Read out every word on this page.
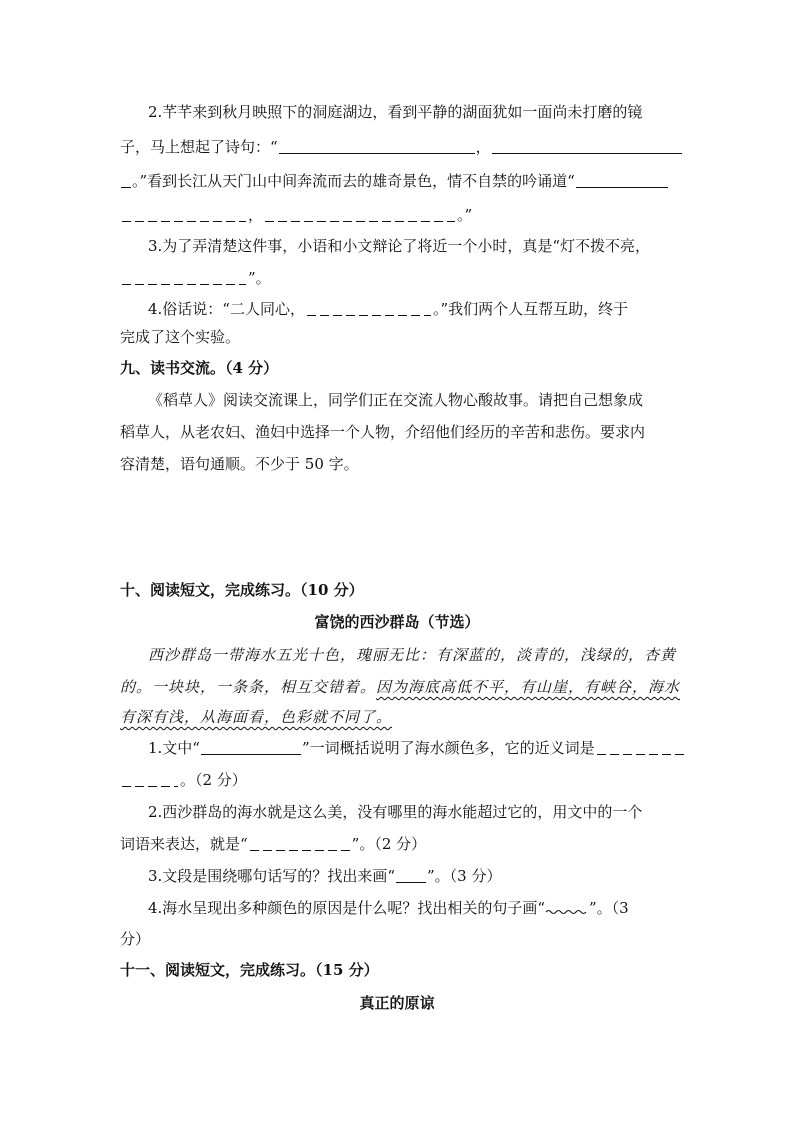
2.芊芊来到秋月映照下的洞庭湖边，看到平静的湖面犹如一面尚未打磨的镜
子，马上想起了诗句：“	，
。”看到长江从天门山中间奔流而去的雄奇景色，情不自禁的吟诵道“
，	。”
3.为了弄清楚这件事，小语和小文辩论了将近一个小时，真是“灯不拨不亮，
”。
4.俗话说：“二人同心，	。”我们两个人互帮互助，终于
完成了这个实验。
九、读书交流。（4 分）
《稻草人》阅读交流课上，同学们正在交流人物心酸故事。请把自己想象成
稻草人，从老农妇、渔妇中选择一个人物，介绍他们经历的辛苦和悲伤。要求内
容清楚，语句通顺。不少于 50 字。
十、阅读短文，完成练习。（10 分）
富饶的西沙群岛（节选）
西沙群岛一带海水五光十色，瑰丽无比：有深蓝的，淡青的，浅绿的，杏黄
的。一块块，一条条，相互交错着。因为海底高低不平，有山崖，有峡谷，海水
有深有浅，从海面看，色彩就不同了。
1.文中“	”一词概括说明了海水颜色多，它的近义词是
。（2 分）
2.西沙群岛的海水就是这么美，没有哪里的海水能超过它的，用文中的一个
词语来表达，就是“	”。（2 分）
3.文段是围绕哪句话写的？找出来画“ ”。（3 分）
4.海水呈现出多种颜色的原因是什么呢？找出相关的句子画“	”。（3
分）
十一、阅读短文，完成练习。（15 分）
真正的原谅
